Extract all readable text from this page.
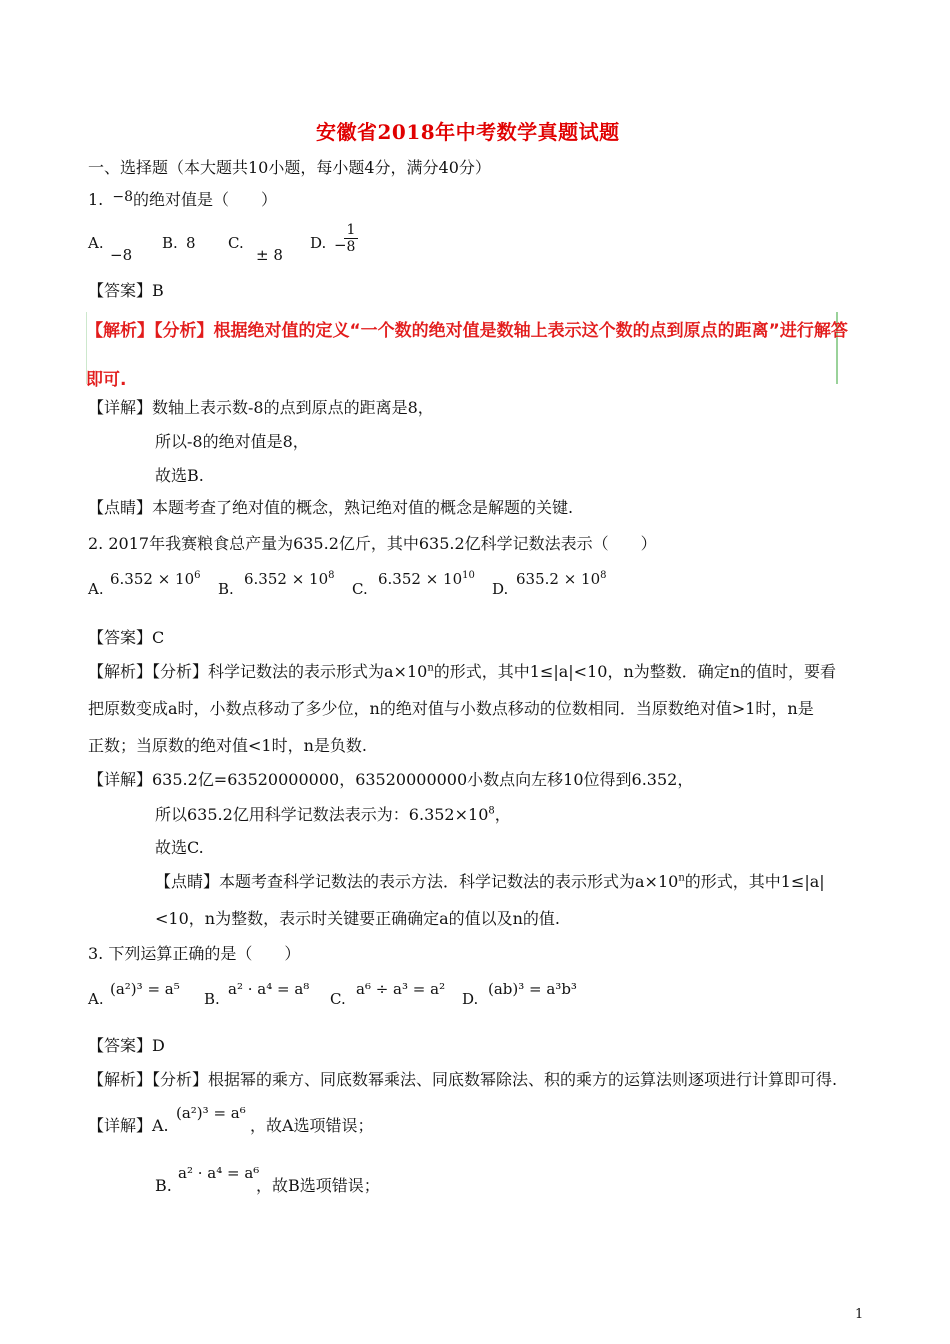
安徽省2018年中考数学真题试题
一、选择题（本大题共10小题，每小题4分，满分40分）
1. −8的绝对值是（　　）
A.
−8
B. 8 C.
± 8
D. −
$\frac{1}{8}$
【答案】B
【解析】【分析】根据绝对值的定义“一个数的绝对值是数轴上表示这个数的点到原点的距离”进行解答
即可.
【详解】数轴上表示数-8的点到原点的距离是8，
所以-8的绝对值是8，
故选B.
【点睛】本题考查了绝对值的概念，熟记绝对值的概念是解题的关键.
2. 2017年我赛粮食总产量为635.2亿斤，其中635.2亿科学记数法表示（　　）
A.
$6.352 \times 10^6$
B.
$6.352 \times 10^8$
C.
$6.352 \times 10^{10}$
D.
$635.2 \times 10^8$
【答案】C
【解析】【分析】科学记数法的表示形式为$a\times 10^n$的形式，其中1≤|a|<10，n为整数．确定n的值时，要看
把原数变成a时，小数点移动了多少位，n的绝对值与小数点移动的位数相同．当原数绝对值>1时，n是
正数；当原数的绝对值<1时，n是负数.
【详解】635.2亿=63520000000，63520000000小数点向左移10位得到6.352，
所以635.2亿用科学记数法表示为：$6.352\times 10^8$，
故选C.
【点睛】本题考查科学记数法的表示方法．科学记数法的表示形式为$a\times 10^n$的形式，其中1≤|a|
<10，n为整数，表示时关键要正确确定a的值以及n的值.
3. 下列运算正确的是（　　）
A.
(a²)³ = a⁵
B.
a² · a⁴ = a⁸
C.
a⁶ ÷ a³ = a²
D.
(ab)³ = a³b³
【答案】D
【解析】【分析】根据幂的乘方、同底数幂乘法、同底数幂除法、积的乘方的运算法则逐项进行计算即可得.
【详解】A.
(a²)³ = a⁶
，故A选项错误；
B.
a² · a⁴ = a⁶
，故B选项错误；
1
